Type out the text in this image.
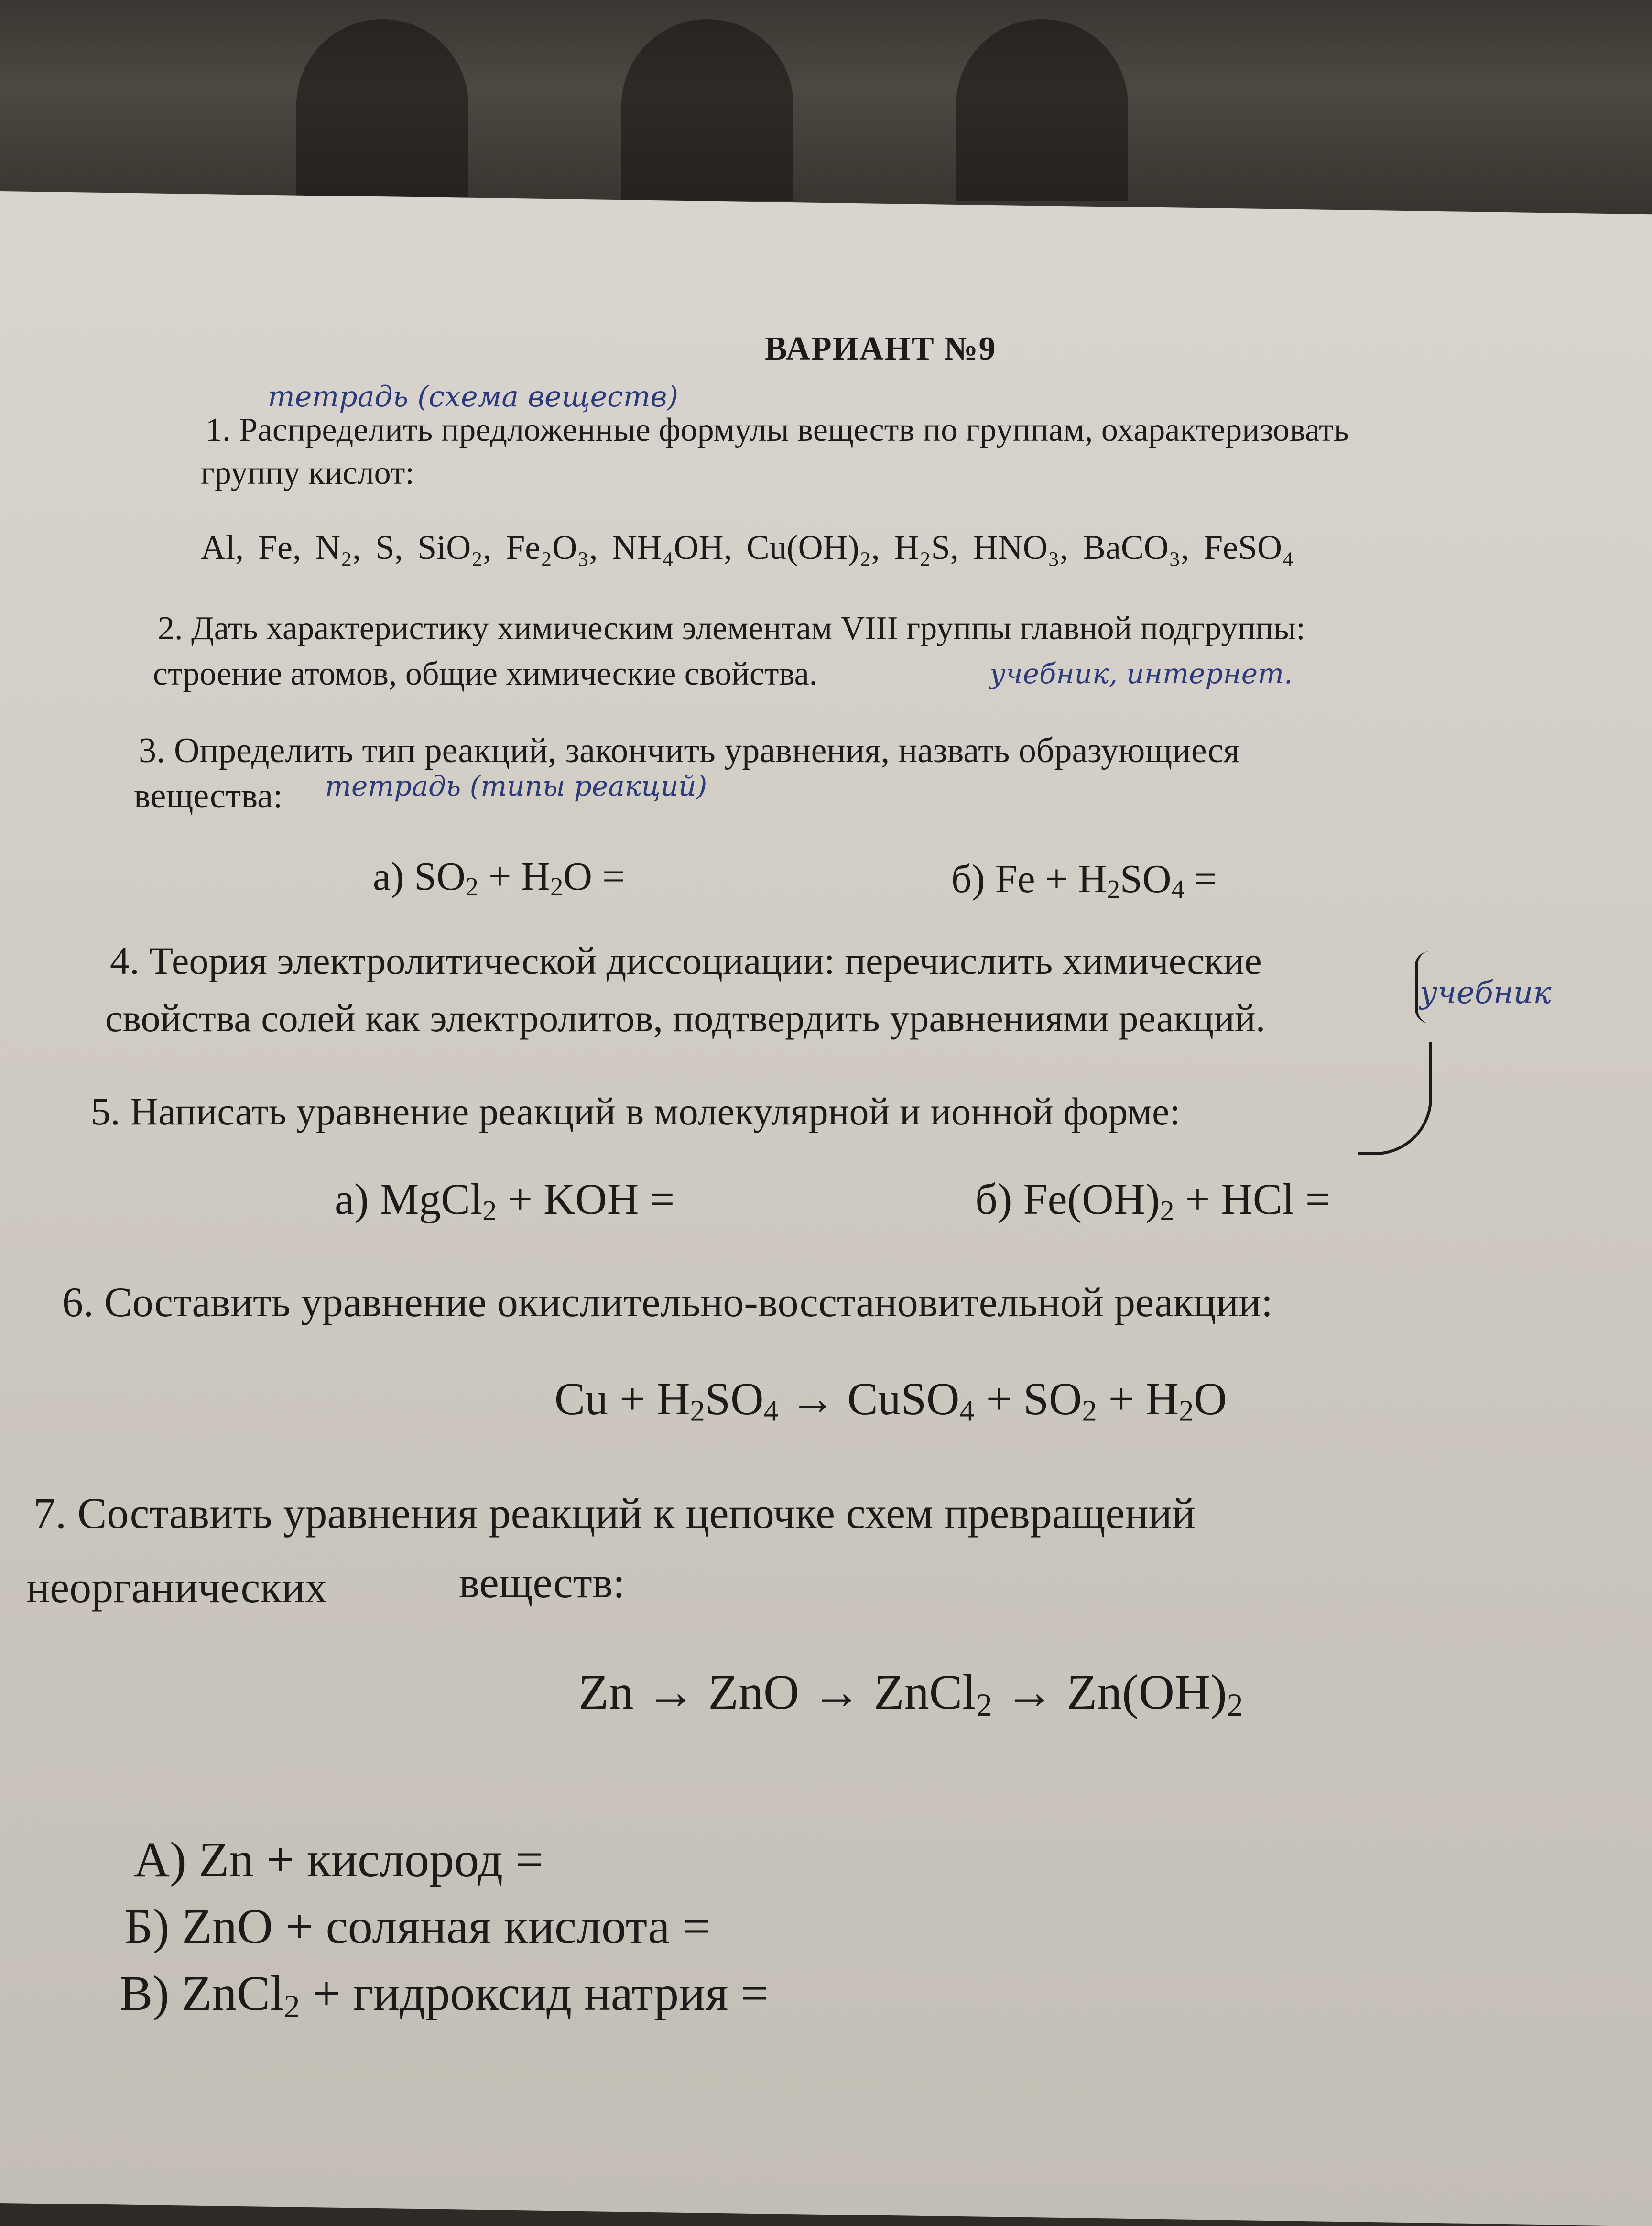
ВАРИАНТ №9
тетрадь (схема веществ)
1. Распределить предложенные формулы веществ по группам, охарактеризовать
группу кислот:
Al, Fe, N₂, S, SiO₂, Fe₂O₃, NH₄OH, Cu(OH)₂, H₂S, HNO₃, BaCO₃, FeSO₄
2. Дать характеристику химическим элементам VIII группы главной подгруппы:
строение атомов, общие химические свойства.	учебник, интернет.
3. Определить тип реакций, закончить уравнения, назвать образующиеся
вещества: тетрадь (типы реакций)
а) $SO_2 + H_2O$ =	б) $Fe + H_2SO_4$ =
4. Теория электролитической диссоциации: перечислить химические
свойства солей как электролитов, подтвердить уравнениями реакций.
учебник
5. Написать уравнение реакций в молекулярной и ионной форме:
а) MgCl$_2$ + KOH =	б) $Fe(OH)_2$ + HCl =
6. Составить уравнение окислительно-восстановительной реакции:
$Cu + H_2SO_4$ → CuSO$_4$ + $SO_2 + H_2O$
7. Составить уравнения реакций к цепочке схем превращений
неорганических	веществ:
Zn → ZnO → ZnCl$_2$ → $Zn(OH)_2$
А) Zn + кислород =
Б) ZnO + соляная кислота =
В) ZnCl$_2$ + гидроксид натрия =
